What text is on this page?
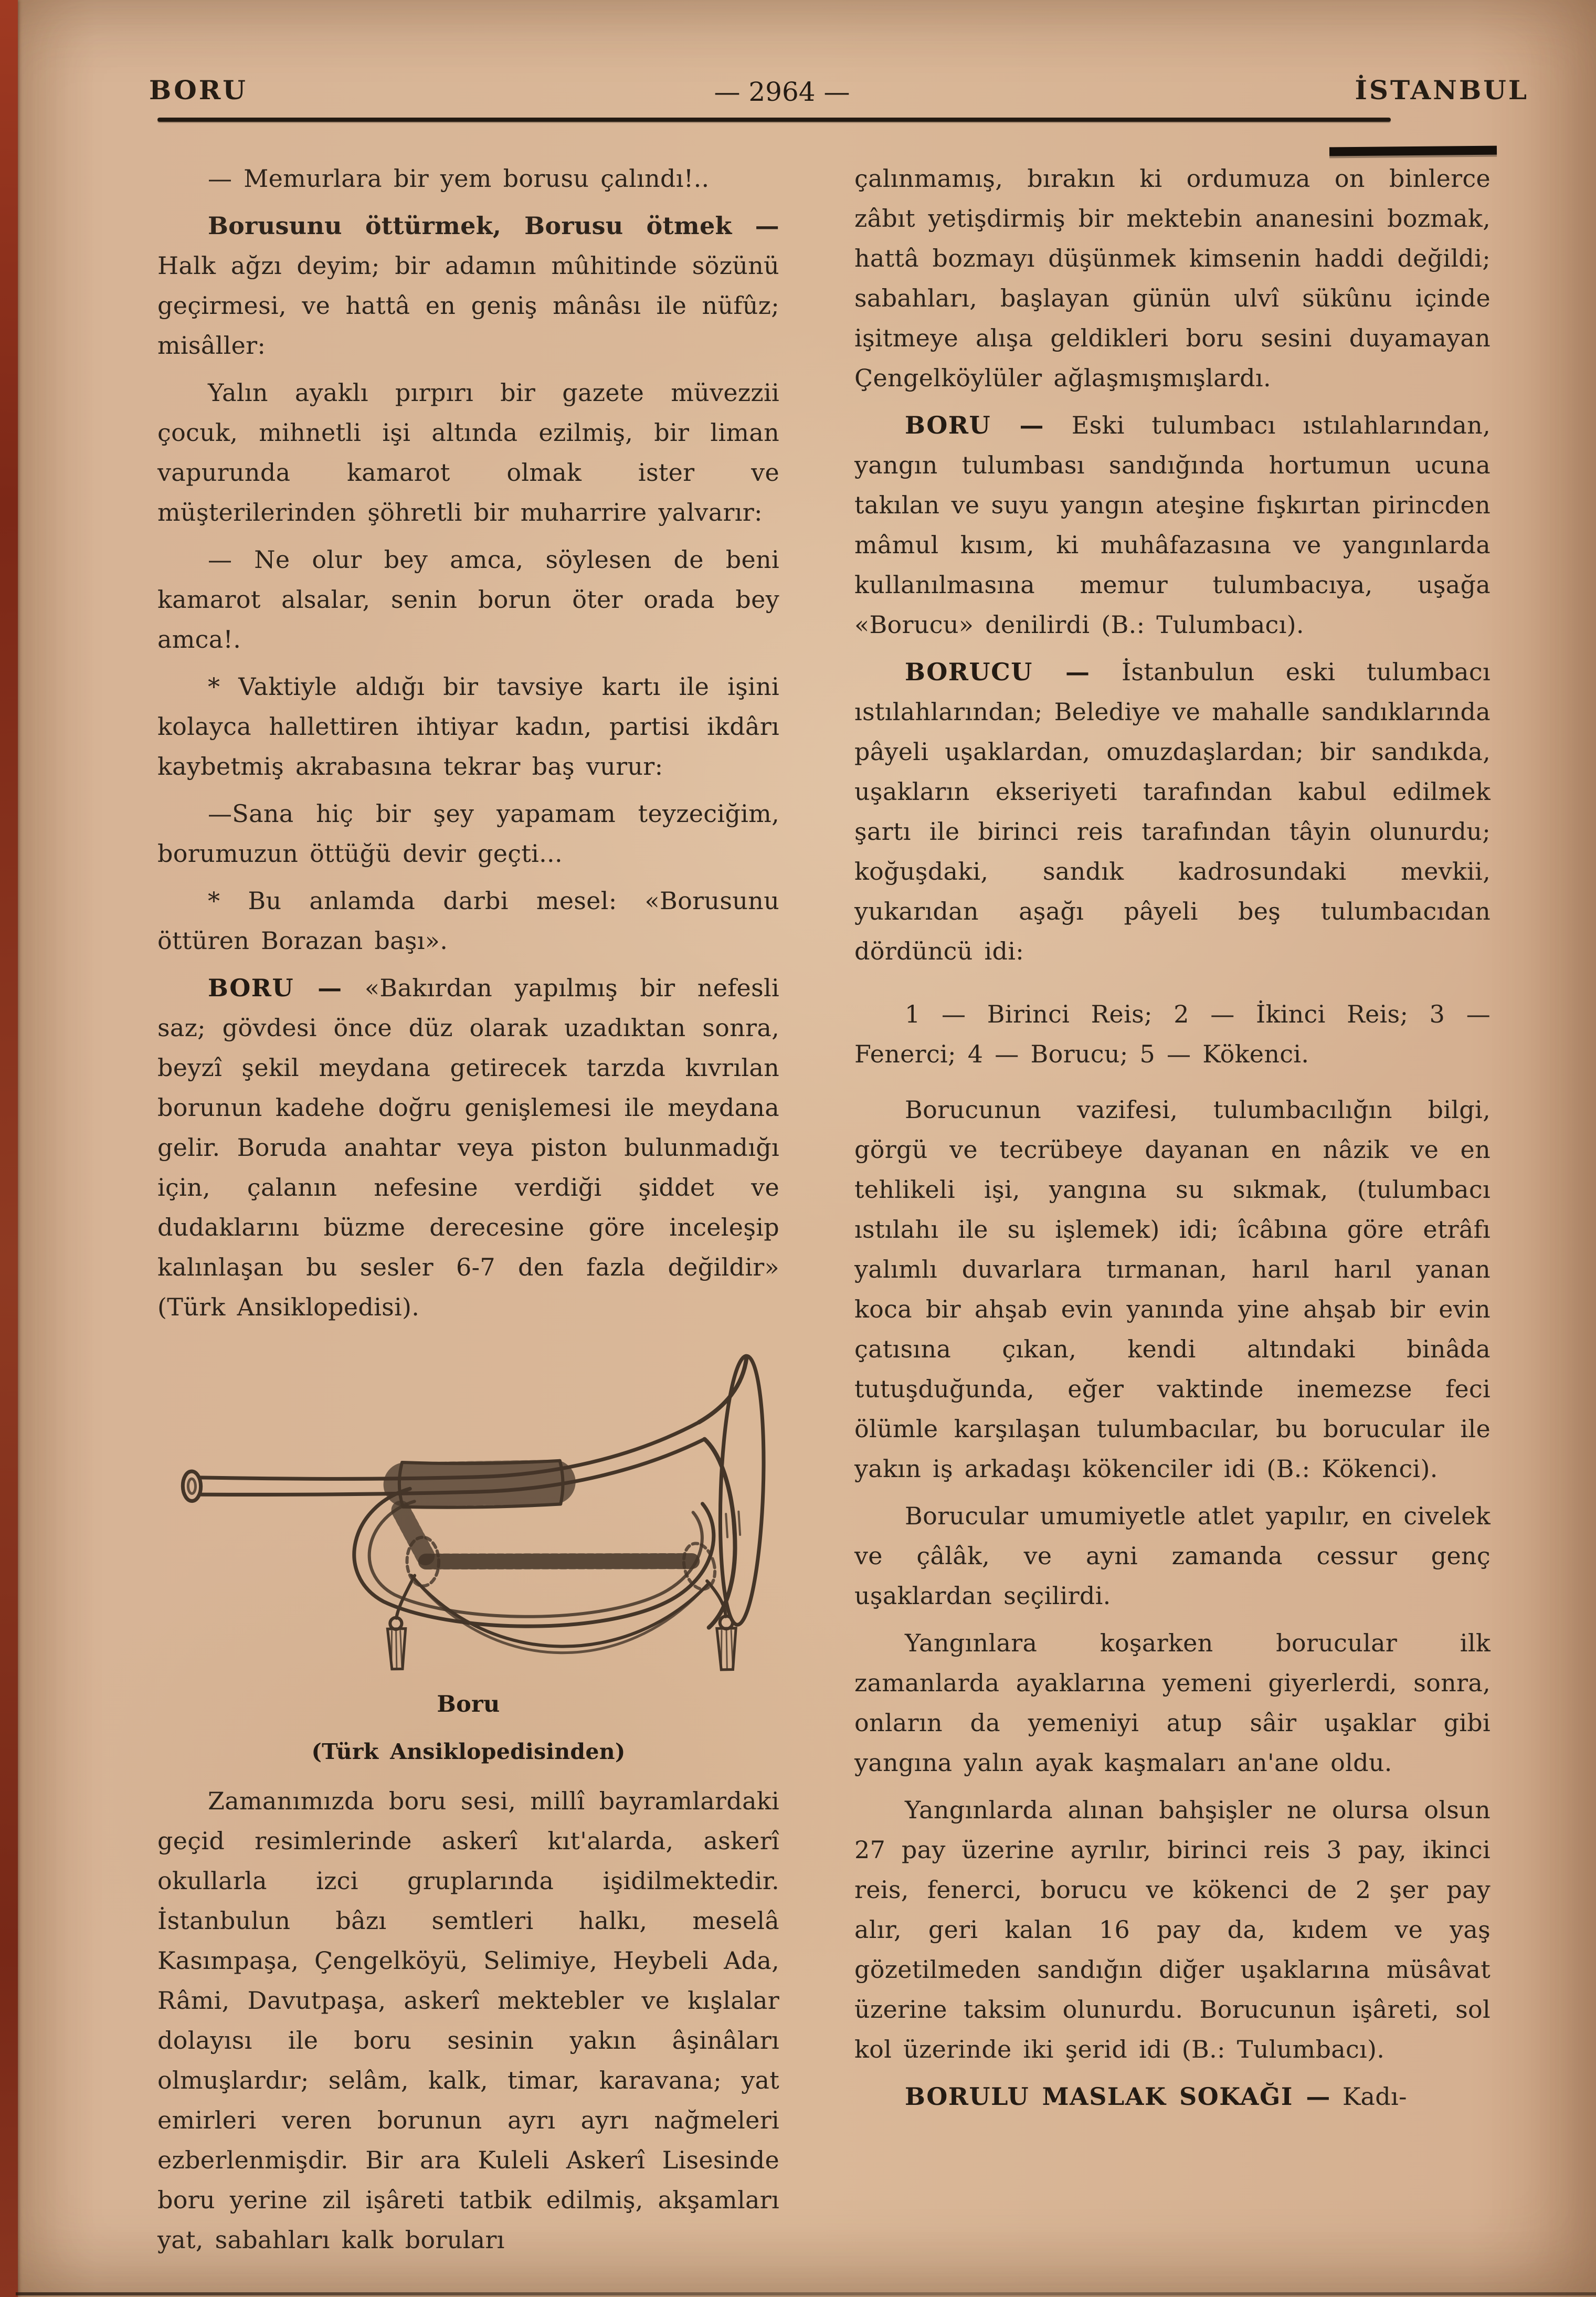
BORU	— 2964 —	İSTANBUL

— Memurlara bir yem borusu çalındı!..

Borusunu öttürmek, Borusu ötmek — Halk ağzı deyim; bir adamın mûhitinde sözünü geçirmesi, ve hattâ en geniş mânâsı ile nüfûz; misâller:

Yalın ayaklı pırpırı bir gazete müvezzii çocuk, mihnetli işi altında ezilmiş, bir liman vapurunda kamarot olmak ister ve müşterilerinden şöhretli bir muharrire yalvarır:

— Ne olur bey amca, söylesen de beni kamarot alsalar, senin borun öter orada bey amca!.

* Vaktiyle aldığı bir tavsiye kartı ile işini kolayca hallettiren ihtiyar kadın, partisi ikdârı kaybetmiş akrabasına tekrar baş vurur:

—Sana hiç bir şey yapamam teyzeciğim, borumuzun öttüğü devir geçti...

* Bu anlamda darbi mesel: «Borusunu öttüren Borazan başı».

BORU — «Bakırdan yapılmış bir nefesli saz; gövdesi önce düz olarak uzadıktan sonra, beyzî şekil meydana getirecek tarzda kıvrılan borunun kadehe doğru genişlemesi ile meydana gelir. Boruda anahtar veya piston bulunmadığı için, çalanın nefesine verdiği şiddet ve dudaklarını büzme derecesine göre inceleşip kalınlaşan bu sesler 6-7 den fazla değildir» (Türk Ansiklopedisi).

Boru
(Türk Ansiklopedisinden)

Zamanımızda boru sesi, millî bayramlardaki geçid resimlerinde askerî kıt'alarda, askerî okullarla izci gruplarında işidilmektedir. İstanbulun bâzı semtleri halkı, meselâ Kasımpaşa, Çengelköyü, Selimiye, Heybeli Ada, Râmi, Davutpaşa, askerî mektebler ve kışlalar dolayısı ile boru sesinin yakın âşinâları olmuşlardır; selâm, kalk, timar, karavana; yat emirleri veren borunun ayrı ayrı nağmeleri ezberlenmişdir. Bir ara Kuleli Askerî Lisesinde boru yerine zil işâreti tatbik edilmiş, akşamları yat, sabahları kalk boruları

çalınmamış, bırakın ki ordumuza on binlerce zâbıt yetişdirmiş bir mektebin ananesini bozmak, hattâ bozmayı düşünmek kimsenin haddi değildi; sabahları, başlayan günün ulvî sükûnu içinde işitmeye alışa geldikleri boru sesini duyamayan Çengelköylüler ağlaşmışmışlardı.

BORU — Eski tulumbacı ıstılahlarından, yangın tulumbası sandığında hortumun ucuna takılan ve suyu yangın ateşine fışkırtan pirincden mâmul kısım, ki muhâfazasına ve yangınlarda kullanılmasına memur tulumbacıya, uşağa «Borucu» denilirdi (B.: Tulumbacı).

BORUCU — İstanbulun eski tulumbacı ıstılahlarından; Belediye ve mahalle sandıklarında pâyeli uşaklardan, omuzdaşlardan; bir sandıkda, uşakların ekseriyeti tarafından kabul edilmek şartı ile birinci reis tarafından tâyin olunurdu; koğuşdaki, sandık kadrosundaki mevkii, yukarıdan aşağı pâyeli beş tulumbacıdan dördüncü idi:

1 — Birinci Reis; 2 — İkinci Reis; 3 — Fenerci; 4 — Borucu; 5 — Kökenci.

Borucunun vazifesi, tulumbacılığın bilgi, görgü ve tecrübeye dayanan en nâzik ve en tehlikeli işi, yangına su sıkmak, (tulumbacı ıstılahı ile su işlemek) idi; îcâbına göre etrâfı yalımlı duvarlara tırmanan, harıl harıl yanan koca bir ahşab evin yanında yine ahşab bir evin çatısına çıkan, kendi altındaki binâda tutuşduğunda, eğer vaktinde inemezse feci ölümle karşılaşan tulumbacılar, bu borucular ile yakın iş arkadaşı kökenciler idi (B.: Kökenci).

Borucular umumiyetle atlet yapılır, en civelek ve çâlâk, ve ayni zamanda cessur genç uşaklardan seçilirdi.

Yangınlara koşarken borucular ilk zamanlarda ayaklarına yemeni giyerlerdi, sonra, onların da yemeniyi atup sâir uşaklar gibi yangına yalın ayak kaşmaları an'ane oldu.

Yangınlarda alınan bahşişler ne olursa olsun 27 pay üzerine ayrılır, birinci reis 3 pay, ikinci reis, fenerci, borucu ve kökenci de 2 şer pay alır, geri kalan 16 pay da, kıdem ve yaş gözetilmeden sandığın diğer uşaklarına müsâvat üzerine taksim olunurdu. Borucunun işâreti, sol kol üzerinde iki şerid idi (B.: Tulumbacı).

BORULU MASLAK SOKAĞI — Kadı-
